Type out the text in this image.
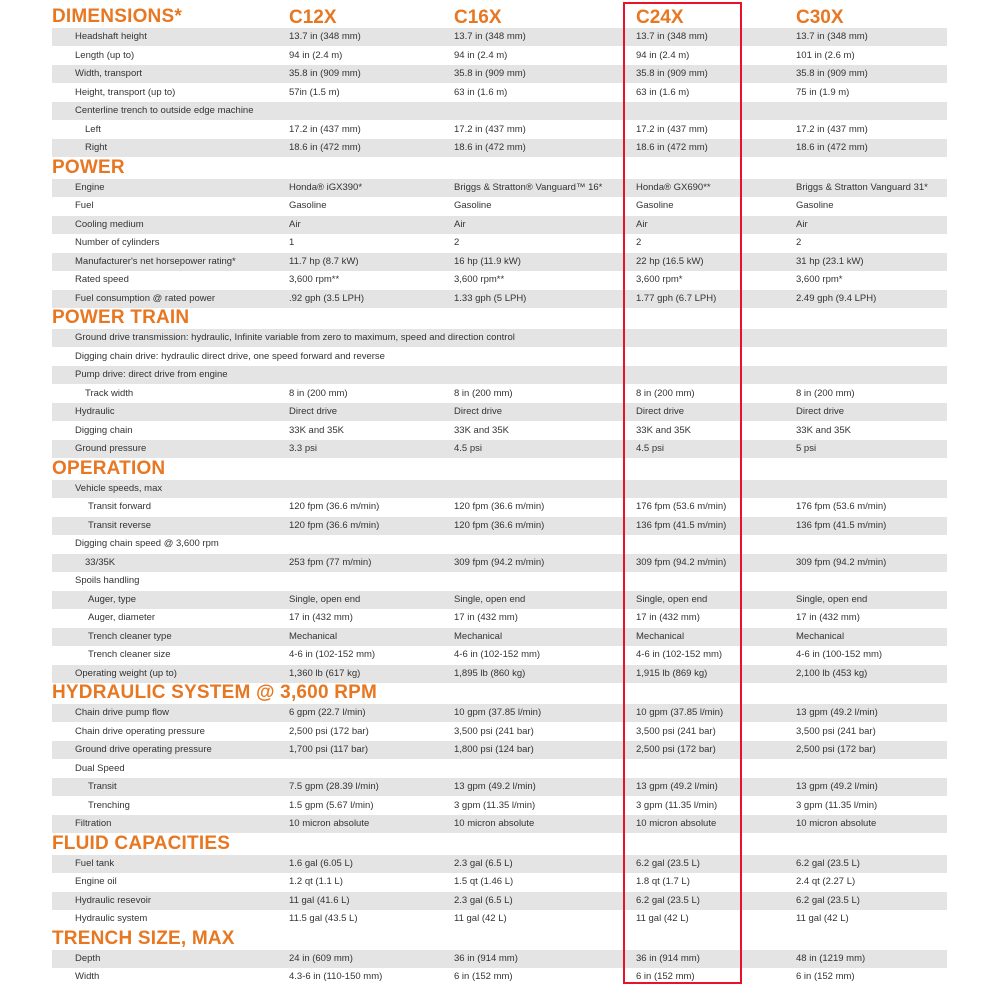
C12X	C16X	C24X	C30X
DIMENSIONS*
Headshaft height	13.7 in (348 mm)	13.7 in (348 mm)	13.7 in (348 mm)	13.7 in (348 mm)
Length (up to)	94 in (2.4 m)	94 in (2.4 m)	94 in (2.4 m)	101 in (2.6 m)
Width, transport	35.8 in (909 mm)	35.8 in (909 mm)	35.8 in (909 mm)	35.8 in (909 mm)
Height, transport (up to)	57in (1.5 m)	63 in (1.6 m)	63 in (1.6 m)	75 in (1.9 m)
Centerline trench to outside edge machine
Left	17.2 in (437 mm)	17.2 in (437 mm)	17.2 in (437 mm)	17.2 in (437 mm)
Right	18.6 in (472 mm)	18.6 in (472 mm)	18.6 in (472 mm)	18.6 in (472 mm)
POWER
Engine	Honda® iGX390*	Briggs & Stratton® Vanguard™ 16*	Honda® GX690**	Briggs & Stratton Vanguard 31*
Fuel	Gasoline	Gasoline	Gasoline	Gasoline
Cooling medium	Air	Air	Air	Air
Number of cylinders	1	2	2	2
Manufacturer's net horsepower rating*	11.7 hp (8.7 kW)	16 hp (11.9 kW)	22 hp (16.5 kW)	31 hp (23.1 kW)
Rated speed	3,600 rpm**	3,600 rpm**	3,600 rpm*	3,600 rpm*
Fuel consumption @ rated power	.92 gph (3.5 LPH)	1.33 gph (5 LPH)	1.77 gph (6.7 LPH)	2.49 gph (9.4 LPH)
POWER TRAIN
Ground drive transmission: hydraulic, Infinite variable from zero to maximum, speed and direction control
Digging chain drive: hydraulic direct drive, one speed forward and reverse
Pump drive: direct drive from engine
Track width	8 in (200 mm)	8 in (200 mm)	8 in (200 mm)	8 in (200 mm)
Hydraulic	Direct drive	Direct drive	Direct drive	Direct drive
Digging chain	33K and 35K	33K and 35K	33K and 35K	33K and 35K
Ground pressure	3.3 psi	4.5 psi	4.5 psi	5 psi
OPERATION
Vehicle speeds, max
Transit forward	120 fpm (36.6 m/min)	120 fpm (36.6 m/min)	176 fpm (53.6 m/min)	176 fpm (53.6 m/min)
Transit reverse	120 fpm (36.6 m/min)	120 fpm (36.6 m/min)	136 fpm (41.5 m/min)	136 fpm (41.5 m/min)
Digging chain speed @ 3,600 rpm
33/35K	253 fpm (77 m/min)	309 fpm (94.2 m/min)	309 fpm (94.2 m/min)	309 fpm (94.2 m/min)
Spoils handling
Auger, type	Single, open end	Single, open end	Single, open end	Single, open end
Auger, diameter	17 in (432 mm)	17 in (432 mm)	17 in (432 mm)	17 in (432 mm)
Trench cleaner type	Mechanical	Mechanical	Mechanical	Mechanical
Trench cleaner size	4-6 in (102-152 mm)	4-6 in (102-152 mm)	4-6 in (102-152 mm)	4-6 in (100-152 mm)
Operating weight (up to)	1,360 lb (617 kg)	1,895 lb (860 kg)	1,915 lb (869 kg)	2,100 lb (453 kg)
HYDRAULIC SYSTEM @ 3,600 RPM
Chain drive pump flow	6 gpm (22.7 l/min)	10 gpm (37.85 l/min)	10 gpm (37.85 l/min)	13 gpm (49.2 l/min)
Chain drive operating pressure	2,500 psi (172 bar)	3,500 psi (241 bar)	3,500 psi (241 bar)	3,500 psi (241 bar)
Ground drive operating pressure	1,700 psi (117 bar)	1,800 psi (124 bar)	2,500 psi (172 bar)	2,500 psi (172 bar)
Dual Speed
Transit	7.5 gpm (28.39 l/min)	13 gpm (49.2 l/min)	13 gpm (49.2 l/min)	13 gpm (49.2 l/min)
Trenching	1.5 gpm (5.67 l/min)	3 gpm (11.35 l/min)	3 gpm (11.35 l/min)	3 gpm (11.35 l/min)
Filtration	10 micron absolute	10 micron absolute	10 micron absolute	10 micron absolute
FLUID CAPACITIES
Fuel tank	1.6 gal (6.05 L)	2.3 gal (6.5 L)	6.2 gal (23.5 L)	6.2 gal (23.5 L)
Engine oil	1.2 qt (1.1 L)	1.5 qt (1.46 L)	1.8 qt (1.7 L)	2.4 qt (2.27 L)
Hydraulic resevoir	11 gal (41.6 L)	2.3 gal (6.5 L)	6.2 gal (23.5 L)	6.2 gal (23.5 L)
Hydraulic system	11.5 gal (43.5 L)	11 gal (42 L)	11 gal (42 L)	11 gal (42 L)
TRENCH SIZE, MAX
Depth	24 in (609 mm)	36 in (914 mm)	36 in (914 mm)	48 in (1219 mm)
Width	4.3-6 in (110-150 mm)	6 in (152 mm)	6 in (152 mm)	6 in (152 mm)
